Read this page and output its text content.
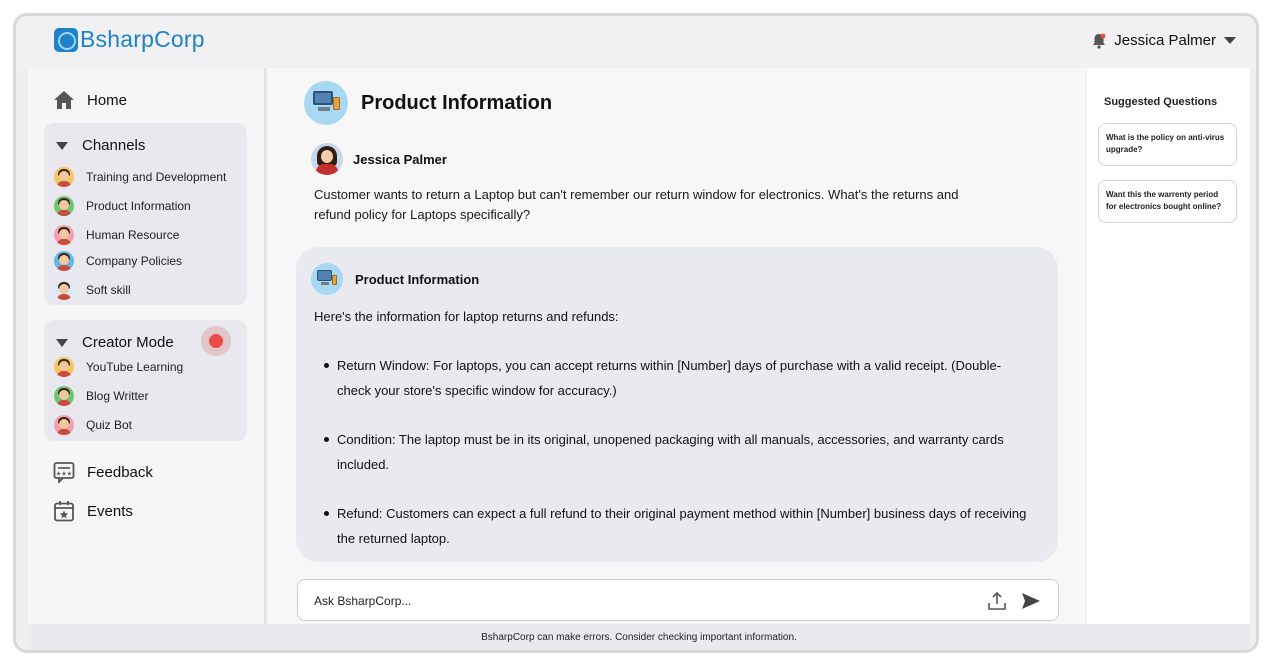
BsharpCorp	Jessica Palmer
Home
Channels
Training and Development
Product Information
Human Resource
Company Policies
Soft skill
Creator Mode
YouTube Learning
Blog Writter
Quiz Bot
★★★ Feedback
Events
Product Information
Jessica Palmer

Customer wants to return a Laptop but can't remember our return window for electronics. What's the returns and refund policy for Laptops specifically?

Product Information

Here's the information for laptop returns and refunds:

Return Window: For laptops, you can accept returns within [Number] days of purchase with a valid receipt. (Double-check your store's specific window for accuracy.)
Condition: The laptop must be in its original, unopened packaging with all manuals, accessories, and warranty cards included.
Refund: Customers can expect a full refund to their original payment method within [Number] business days of receiving the returned laptop.
Ask BsharpCorp...
Suggested Questions
What is the policy on anti-virus upgrade?
Want this the warrenty period for electronics bought online?
BsharpCorp can make errors. Consider checking important information.
